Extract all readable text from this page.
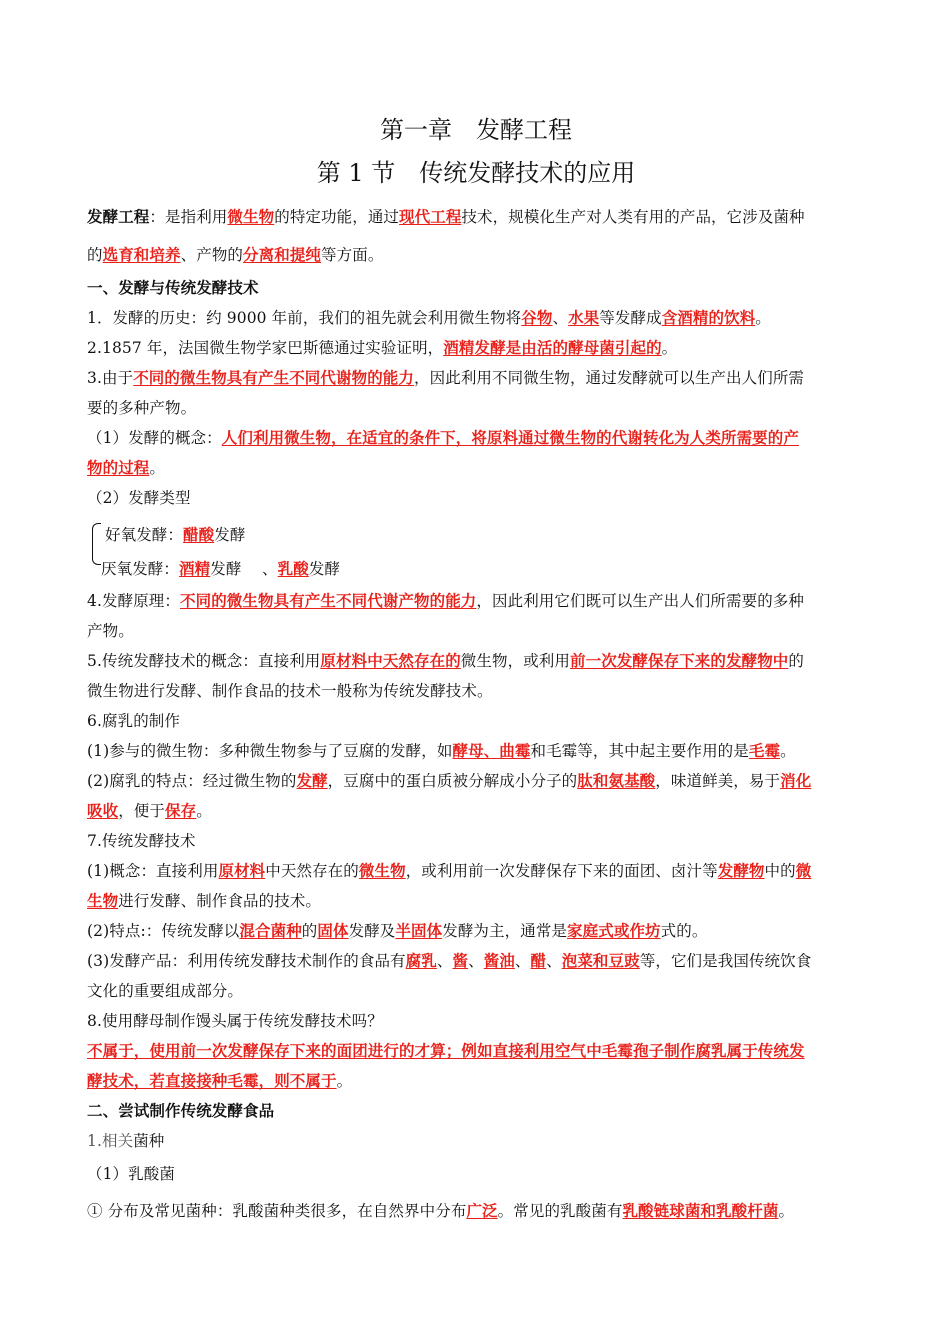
第一章　发酵工程
第 1 节　传统发酵技术的应用
发酵工程：是指利用微生物的特定功能，通过现代工程技术，规模化生产对人类有用的产品，它涉及菌种
的选育和培养、产物的分离和提纯等方面。
一、发酵与传统发酵技术
1．发酵的历史：约 9000 年前，我们的祖先就会利用微生物将谷物、水果等发酵成含酒精的饮料。
2.1857 年，法国微生物学家巴斯德通过实验证明，酒精发酵是由活的酵母菌引起的。
3.由于不同的微生物具有产生不同代谢物的能力，因此利用不同微生物，通过发酵就可以生产出人们所需
要的多种产物。
（1）发酵的概念：人们利用微生物，在适宜的条件下，将原料通过微生物的代谢转化为人类所需要的产
物的过程。
（2）发酵类型
好氧发酵：醋酸发酵
厌氧发酵：酒精发酵 　、乳酸发酵
4.发酵原理：不同的微生物具有产生不同代谢产物的能力，因此利用它们既可以生产出人们所需要的多种
产物。
5.传统发酵技术的概念：直接利用原材料中天然存在的微生物，或利用前一次发酵保存下来的发酵物中的
微生物进行发酵、制作食品的技术一般称为传统发酵技术。
6.腐乳的制作
(1)参与的微生物：多种微生物参与了豆腐的发酵，如酵母、曲霉和毛霉等，其中起主要作用的是毛霉。
(2)腐乳的特点：经过微生物的发酵，豆腐中的蛋白质被分解成小分子的肽和氨基酸，味道鲜美，易于消化
吸收，便于保存。
7.传统发酵技术
(1)概念：直接利用原材料中天然存在的微生物，或利用前一次发酵保存下来的面团、卤汁等发酵物中的微
生物进行发酵、制作食品的技术。
(2)特点:：传统发酵以混合菌种的固体发酵及半固体发酵为主，通常是家庭式或作坊式的。
(3)发酵产品：利用传统发酵技术制作的食品有腐乳、酱、酱油、醋、泡菜和豆豉等，它们是我国传统饮食
文化的重要组成部分。
8.使用酵母制作馒头属于传统发酵技术吗？
不属于，使用前一次发酵保存下来的面团进行的才算；例如直接利用空气中毛霉孢子制作腐乳属于传统发
酵技术，若直接接种毛霉，则不属于。
二、尝试制作传统发酵食品
1.相关菌种
（1）乳酸菌
① 分布及常见菌种：乳酸菌种类很多，在自然界中分布广泛。常见的乳酸菌有乳酸链球菌和乳酸杆菌。
